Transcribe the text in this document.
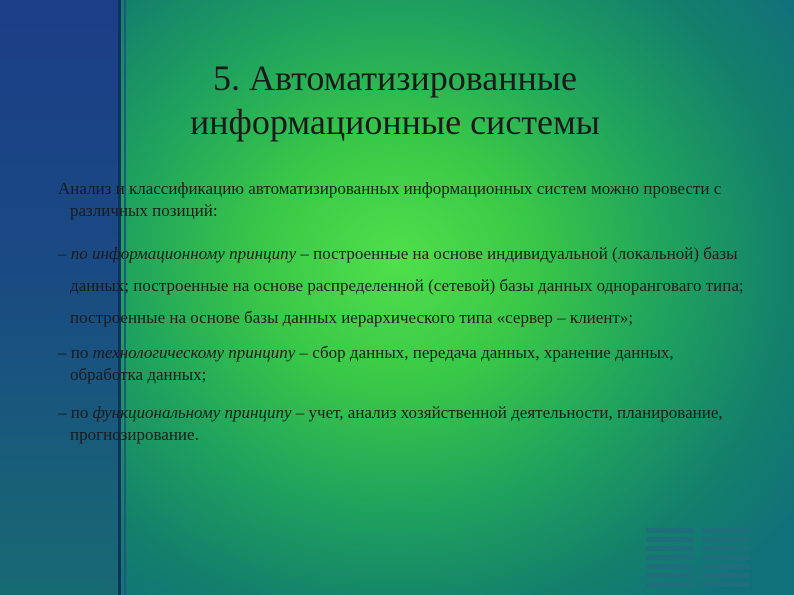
5. Автоматизированные
информационные системы

Анализ и классификацию автоматизированных информационных систем можно провести с различных позиций:

– по информационному принципу – построенные на основе индивидуальной (локальной) базы данных; построенные на основе распределенной (сетевой) базы данных одноранговаго типа; построенные на основе базы данных иерархического типа «сервер – клиент»;

– по технологическому принципу – сбор данных, передача данных, хранение данных, обработка данных;

– по функциональному принципу – учет, анализ хозяйственной деятельности, планирование, прогнозирование.
